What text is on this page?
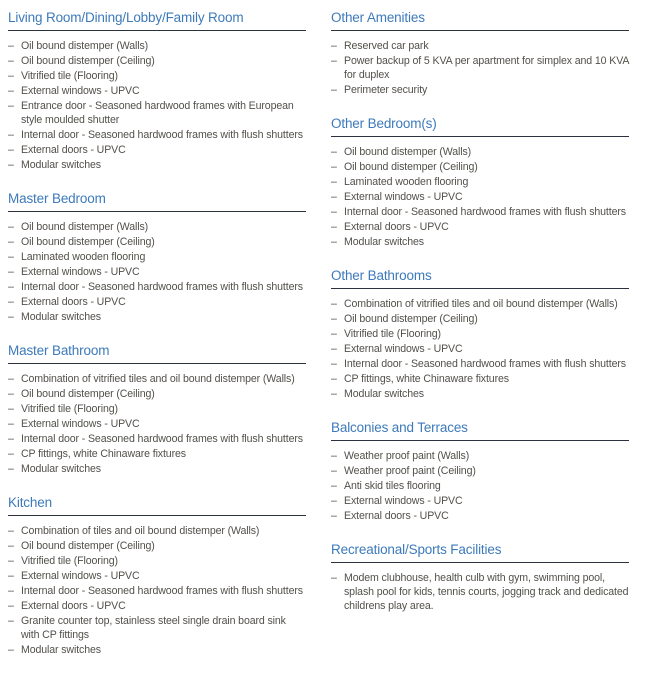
Living Room/Dining/Lobby/Family Room
– Oil bound distemper (Walls)
– Oil bound distemper (Ceiling)
– Vitrified tile (Flooring)
– External windows - UPVC
– Entrance door - Seasoned hardwood frames with European style moulded shutter
– Internal door - Seasoned hardwood frames with flush shutters
– External doors - UPVC
– Modular switches
Master Bedroom
– Oil bound distemper (Walls)
– Oil bound distemper (Ceiling)
– Laminated wooden flooring
– External windows - UPVC
– Internal door - Seasoned hardwood frames with flush shutters
– External doors - UPVC
– Modular switches
Master Bathroom
– Combination of vitrified tiles and oil bound distemper (Walls)
– Oil bound distemper (Ceiling)
– Vitrified tile (Flooring)
– External windows - UPVC
– Internal door - Seasoned hardwood frames with flush shutters
– CP fittings, white Chinaware fixtures
– Modular switches
Kitchen
– Combination of tiles and oil bound distemper (Walls)
– Oil bound distemper (Ceiling)
– Vitrified tile (Flooring)
– External windows - UPVC
– Internal door - Seasoned hardwood frames with flush shutters
– External doors - UPVC
– Granite counter top, stainless steel single drain board sink with CP fittings
– Modular switches
Other Amenities
– Reserved car park
– Power backup of 5 KVA per apartment for simplex and 10 KVA for duplex
– Perimeter security
Other Bedroom(s)
– Oil bound distemper (Walls)
– Oil bound distemper (Ceiling)
– Laminated wooden flooring
– External windows - UPVC
– Internal door - Seasoned hardwood frames with flush shutters
– External doors - UPVC
– Modular switches
Other Bathrooms
– Combination of vitrified tiles and oil bound distemper (Walls)
– Oil bound distemper (Ceiling)
– Vitrified tile (Flooring)
– External windows - UPVC
– Internal door - Seasoned hardwood frames with flush shutters
– CP fittings, white Chinaware fixtures
– Modular switches
Balconies and Terraces
– Weather proof paint (Walls)
– Weather proof paint (Ceiling)
– Anti skid tiles flooring
– External windows - UPVC
– External doors - UPVC
Recreational/Sports Facilities
– Modem clubhouse, health culb with gym, swimming pool, splash pool for kids, tennis courts, jogging track and dedicated childrens play area.
